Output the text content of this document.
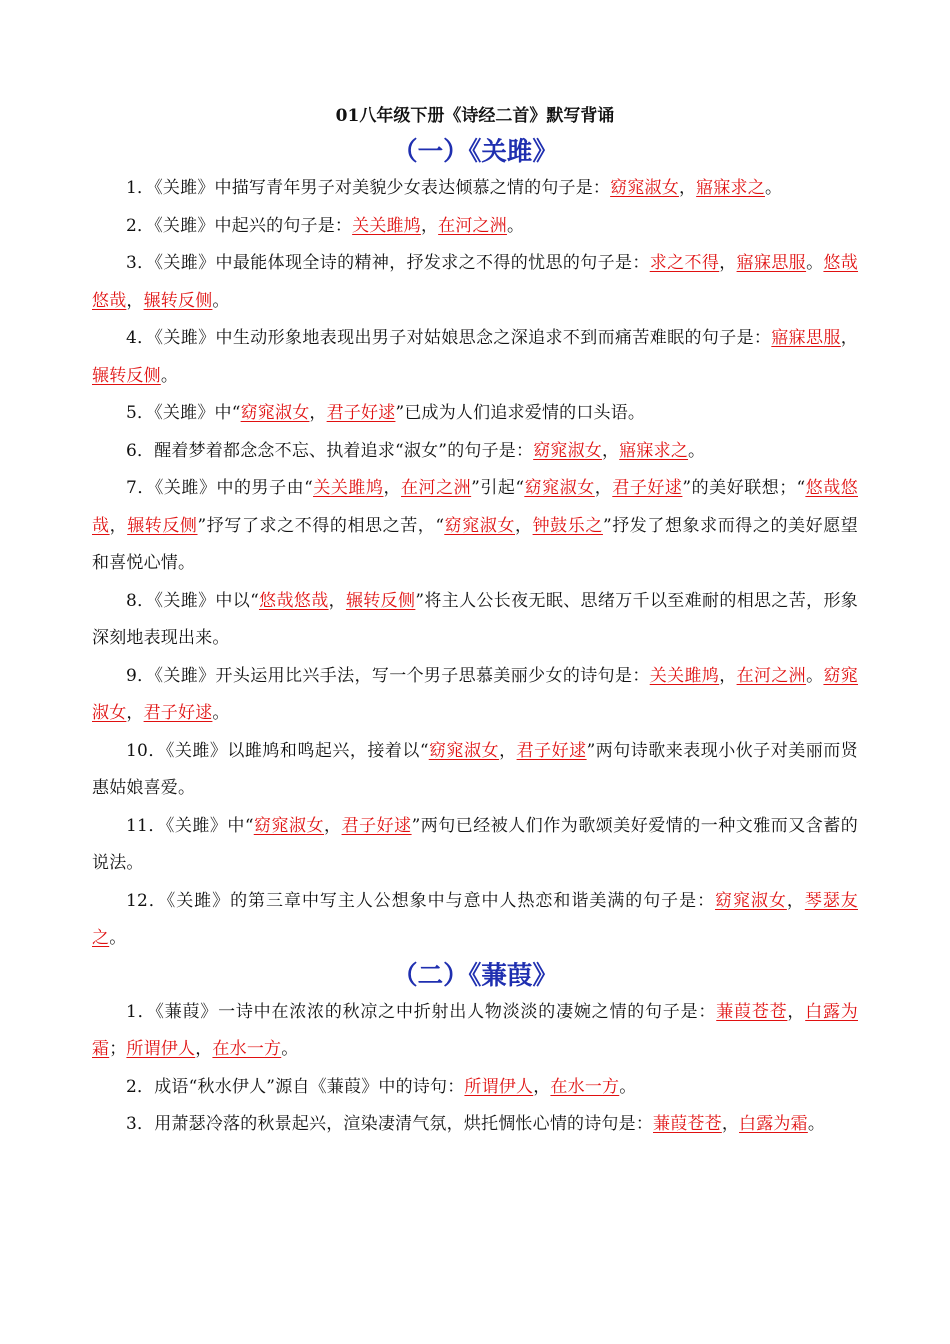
01八年级下册《诗经二首》默写背诵
（一）《关雎》

1．《关雎》中描写青年男子对美貌少女表达倾慕之情的句子是：窈窕淑女，寤寐求之。

2．《关雎》中起兴的句子是：关关雎鸠，在河之洲。

3．《关雎》中最能体现全诗的精神，抒发求之不得的忧思的句子是：求之不得，寤寐思服。悠哉悠哉，辗转反侧。

4．《关雎》中生动形象地表现出男子对姑娘思念之深追求不到而痛苦难眠的句子是：寤寐思服，辗转反侧。

5．《关雎》中“窈窕淑女，君子好逑”已成为人们追求爱情的口头语。

6．醒着梦着都念念不忘、执着追求“淑女”的句子是：窈窕淑女，寤寐求之。

7．《关雎》中的男子由“关关雎鸠，在河之洲”引起“窈窕淑女，君子好逑”的美好联想；“悠哉悠哉，辗转反侧”抒写了求之不得的相思之苦，“窈窕淑女，钟鼓乐之”抒发了想象求而得之的美好愿望和喜悦心情。

8．《关雎》中以“悠哉悠哉，辗转反侧”将主人公长夜无眠、思绪万千以至难耐的相思之苦，形象深刻地表现出来。

9．《关雎》开头运用比兴手法，写一个男子思慕美丽少女的诗句是：关关雎鸠，在河之洲。窈窕淑女，君子好逑。

10．《关雎》以雎鸠和鸣起兴，接着以“窈窕淑女，君子好逑”两句诗歌来表现小伙子对美丽而贤惠姑娘喜爱。

11．《关雎》中“窈窕淑女，君子好逑”两句已经被人们作为歌颂美好爱情的一种文雅而又含蓄的说法。

12．《关雎》的第三章中写主人公想象中与意中人热恋和谐美满的句子是：窈窕淑女，琴瑟友之。

（二）《蒹葭》

1．《蒹葭》一诗中在浓浓的秋凉之中折射出人物淡淡的凄婉之情的句子是：蒹葭苍苍，白露为霜；所谓伊人，在水一方。

2．成语“秋水伊人”源自《蒹葭》中的诗句：所谓伊人，在水一方。

3．用萧瑟冷落的秋景起兴，渲染凄清气氛，烘托惆怅心情的诗句是：蒹葭苍苍，白露为霜。
